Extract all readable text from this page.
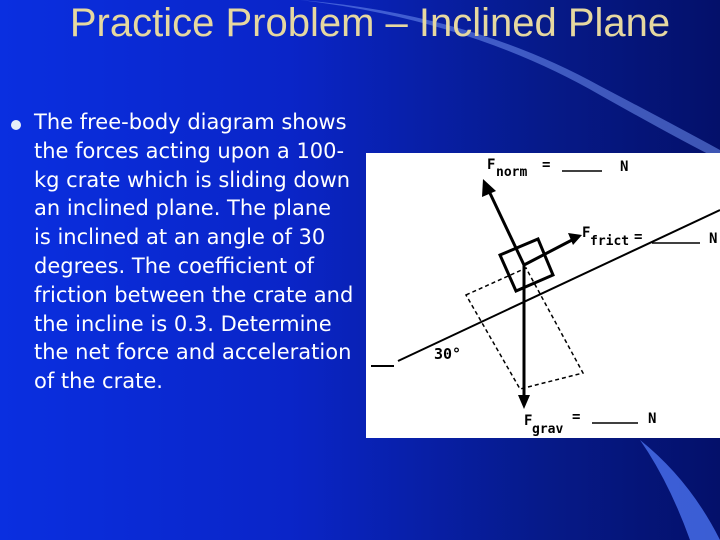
Practice Problem – Inclined Plane
The free-body diagram shows the forces acting upon a 100-kg crate which is sliding down an inclined plane. The plane is inclined at an angle of 30 degrees. The coefficient of friction between the crate and the incline is 0.3. Determine the net force and acceleration of the crate.
F norm =	N
F
frict =	N
F
grav
=	N
30°
